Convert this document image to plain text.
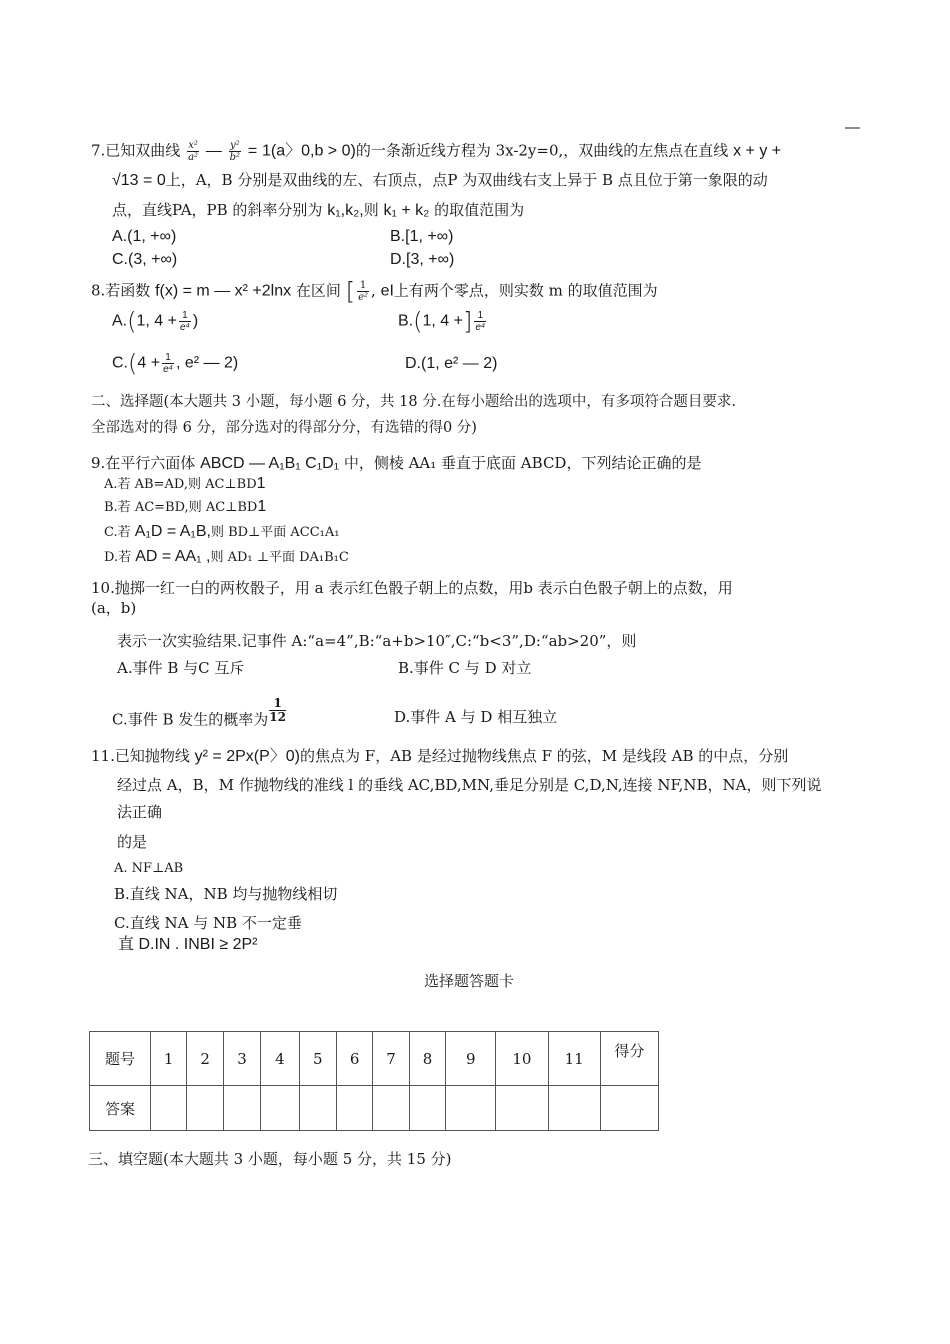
—
7.已知双曲线 $\frac{\text{x²}}{\text{a²}}$ — $\frac{\text{y²}}{\text{b²}} = 1(a$〉0,b > 0)的一条渐近线方程为 3x-2y=0,，双曲线的左焦点在直线 x + y +
√13 = 0上，A，B 分别是双曲线的左、右顶点，点P 为双曲线右支上异于 B 点且位于第一象限的动
点，直线PA，PB 的斜率分别为 k₁,k₂,则 k₁ + k₂ 的取值范围为
A.(1, +∞)	B.[1, +∞)
C.(3, +∞)	D.[3, +∞)
8.若函数 f(x) = m — x² +2lnx 在区间 [ $\frac{1}{\text{e²}}$ , eI上有两个零点，则实数 m 的取值范围为
A.(1, $4 + \frac{1}{\text{e⁴}}$ )	B.(1, 4 +] $\frac{1}{\text{e⁴}}$
$C.(4 + \frac{1}{\text{e⁴}}$ , e² — 2)	D.(1, e² — 2)
二、选择题(本大题共 3 小题，每小题 6 分，共 18 分.在每小题给出的选项中，有多项符合题目要求.
全部选对的得 6 分，部分选对的得部分分，有选错的得0 分)
9.在平行六面体 ABCD — A₁B₁ C₁D₁ 中，侧棱 AA₁ 垂直于底面 ABCD，下列结论正确的是
A.若 AB=AD,则 AC⊥BD1
B.若 AC=BD,则 AC⊥BD1
C.若 A₁D = A₁B,则 BD⊥平面 ACC₁A₁
D.若 AD = AA₁ ,则 AD₁ ⊥平面 DA₁B₁C
10.抛掷一红一白的两枚骰子，用 a 表示红色骰子朝上的点数，用b 表示白色骰子朝上的点数，用
(a，b)
表示一次实验结果.记事件 A:“a=4”,B:“a+b>10″,C:“b<3”,D:“ab>20”，则
A.事件 B 与C 互斥	B.事件 C 与 D 对立
C.事件 B 发生的概率为 $\frac{1}{12}$	D.事件 A 与 D 相互独立
11.已知抛物线 y² = 2Px(P〉0)的焦点为 F，AB 是经过抛物线焦点 F 的弦，M 是线段 AB 的中点，分别
经过点 A，B，M 作抛物线的准线 l 的垂线 AC,BD,MN,垂足分别是 C,D,N,连接 NF,NB，NA，则下列说
法正确
的是
A. NF⊥AB
B.直线 NA，NB 均与抛物线相切
C.直线 NA 与 NB 不一定垂
直 D.IN . INBI ≥ 2P²
选择题答题卡
题号	1	2	3	4	5	6	7	8	9	10	11	得分
答案												
三、填空题(本大题共 3 小题，每小题 5 分，共 15 分)
